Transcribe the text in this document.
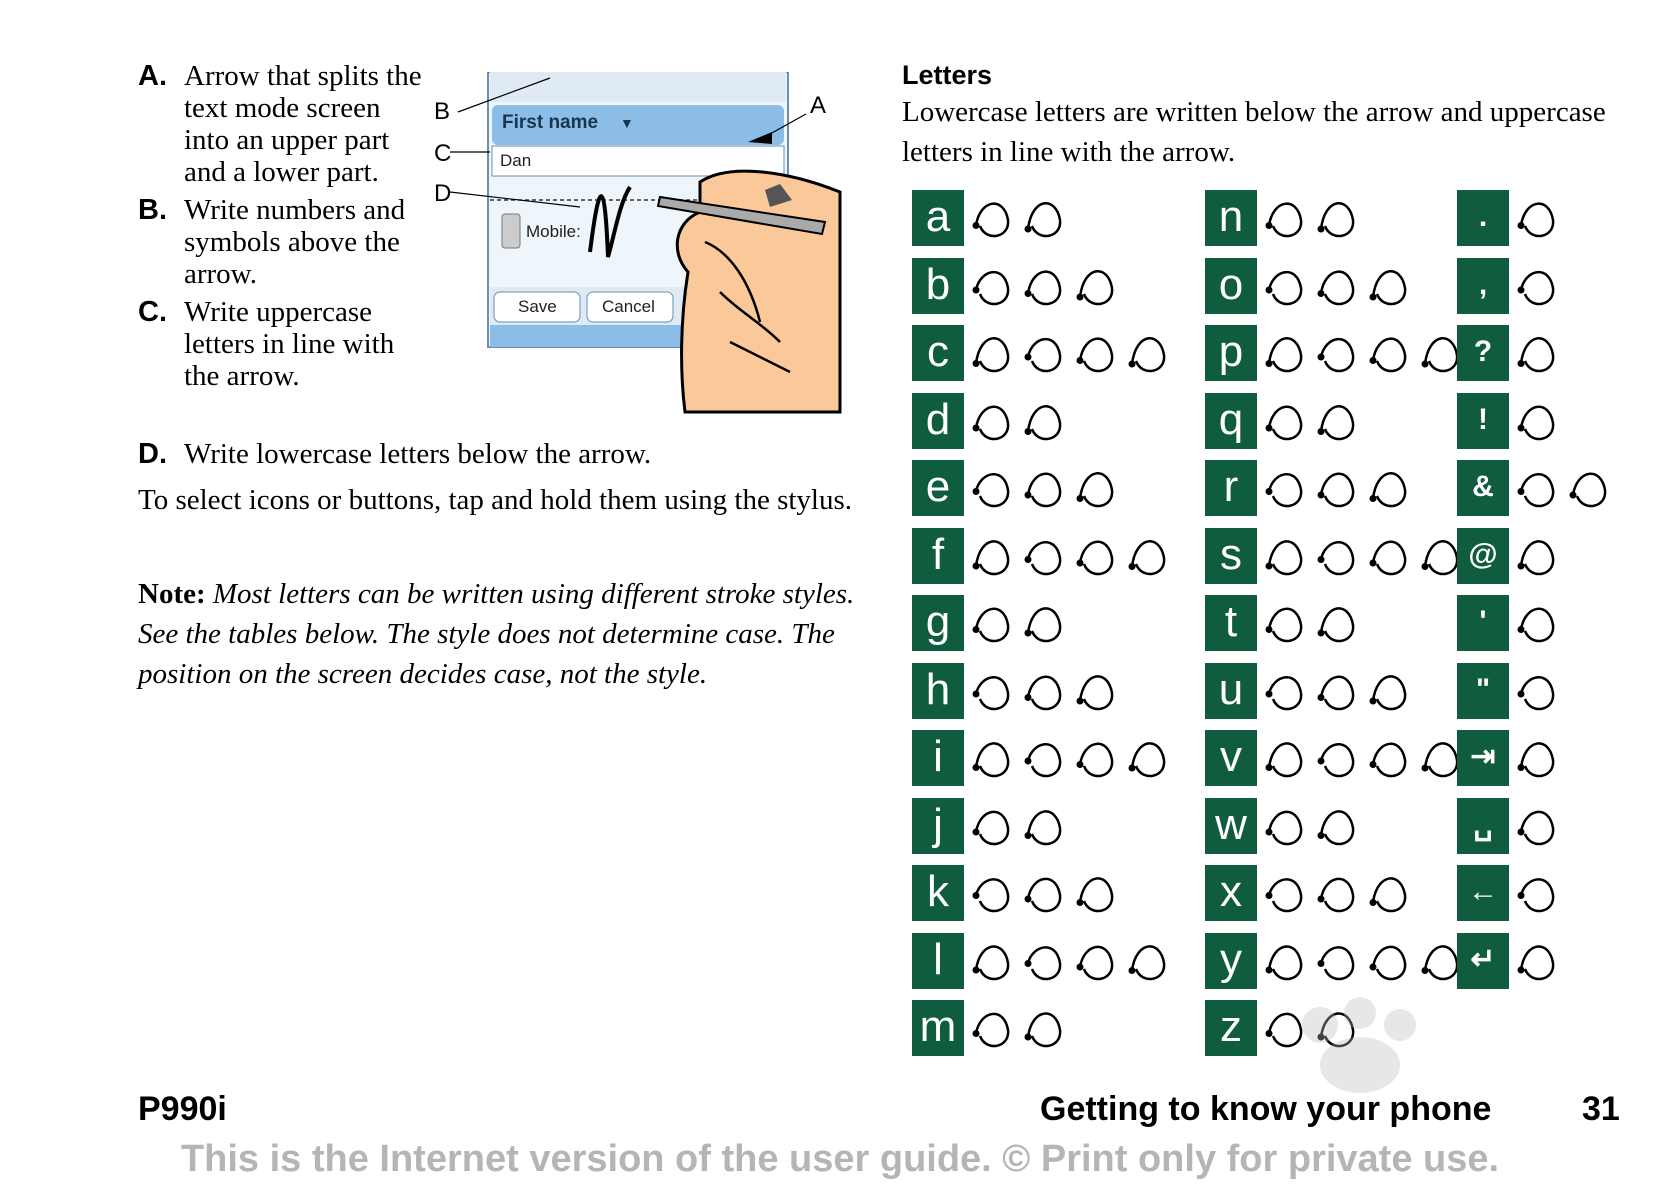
A. Arrow that splits the text mode screen into an upper part and a lower part.
B. Write numbers and symbols above the arrow.
C. Write uppercase letters in line with the arrow.
D. Write lowercase letters below the arrow.
To select icons or buttons, tap and hold them using the stylus.
Note: Most letters can be written using different stroke styles. See the tables below. The style does not determine case. The position on the screen decides case, not the style.
B
C
D
A
First name ▼
Dan
Mobile:
Save	Cancel
Letters
Lowercase letters are written below the arrow and uppercase letters in line with the arrow.
a
b
c
d
e
f
g
h
i
j
k
l
m
n
o
p
q
r
s
t
u
v
w
x
y
z
.
,
?
!
&
@
'
"
⇥
␣
←
↵
P990i	Getting to know your phone	31
This is the Internet version of the user guide. © Print only for private use.
